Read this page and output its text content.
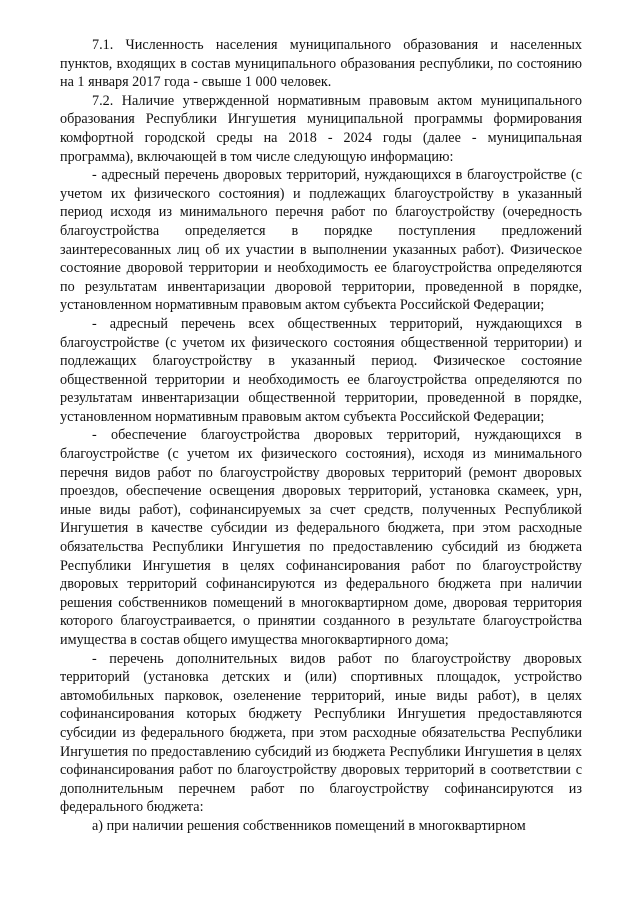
7.1. Численность населения муниципального образования и населенных пунктов, входящих в состав муниципального образования республики, по состоянию на 1 января 2017 года - свыше 1 000 человек.

7.2. Наличие утвержденной нормативным правовым актом муниципального образования Республики Ингушетия муниципальной программы формирования комфортной городской среды на 2018 - 2024 годы (далее - муниципальная программа), включающей в том числе следующую информацию:

- адресный перечень дворовых территорий, нуждающихся в благоустройстве (с учетом их физического состояния) и подлежащих благоустройству в указанный период исходя из минимального перечня работ по благоустройству (очередность благоустройства определяется в порядке поступления предложений заинтересованных лиц об их участии в выполнении указанных работ). Физическое состояние дворовой территории и необходимость ее благоустройства определяются по результатам инвентаризации дворовой территории, проведенной в порядке, установленном нормативным правовым актом субъекта Российской Федерации;

- адресный перечень всех общественных территорий, нуждающихся в благоустройстве (с учетом их физического состояния общественной территории) и подлежащих благоустройству в указанный период. Физическое состояние общественной территории и необходимость ее благоустройства определяются по результатам инвентаризации общественной территории, проведенной в порядке, установленном нормативным правовым актом субъекта Российской Федерации;

- обеспечение благоустройства дворовых территорий, нуждающихся в благоустройстве (с учетом их физического состояния), исходя из минимального перечня видов работ по благоустройству дворовых территорий (ремонт дворовых проездов, обеспечение освещения дворовых территорий, установка скамеек, урн, иные виды работ), софинансируемых за счет средств, полученных Республикой Ингушетия в качестве субсидии из федерального бюджета, при этом расходные обязательства Республики Ингушетия по предоставлению субсидий из бюджета Республики Ингушетия в целях софинансирования работ по благоустройству дворовых территорий софинансируются из федерального бюджета при наличии решения собственников помещений в многоквартирном доме, дворовая территория которого благоустраивается, о принятии созданного в результате благоустройства имущества в состав общего имущества многоквартирного дома;

- перечень дополнительных видов работ по благоустройству дворовых территорий (установка детских и (или) спортивных площадок, устройство автомобильных парковок, озеленение территорий, иные виды работ), в целях софинансирования которых бюджету Республики Ингушетия предоставляются субсидии из федерального бюджета, при этом расходные обязательства Республики Ингушетия по предоставлению субсидий из бюджета Республики Ингушетия в целях софинансирования работ по благоустройству дворовых территорий в соответствии с дополнительным перечнем работ по благоустройству софинансируются из федерального бюджета:

а) при наличии решения собственников помещений в многоквартирном
